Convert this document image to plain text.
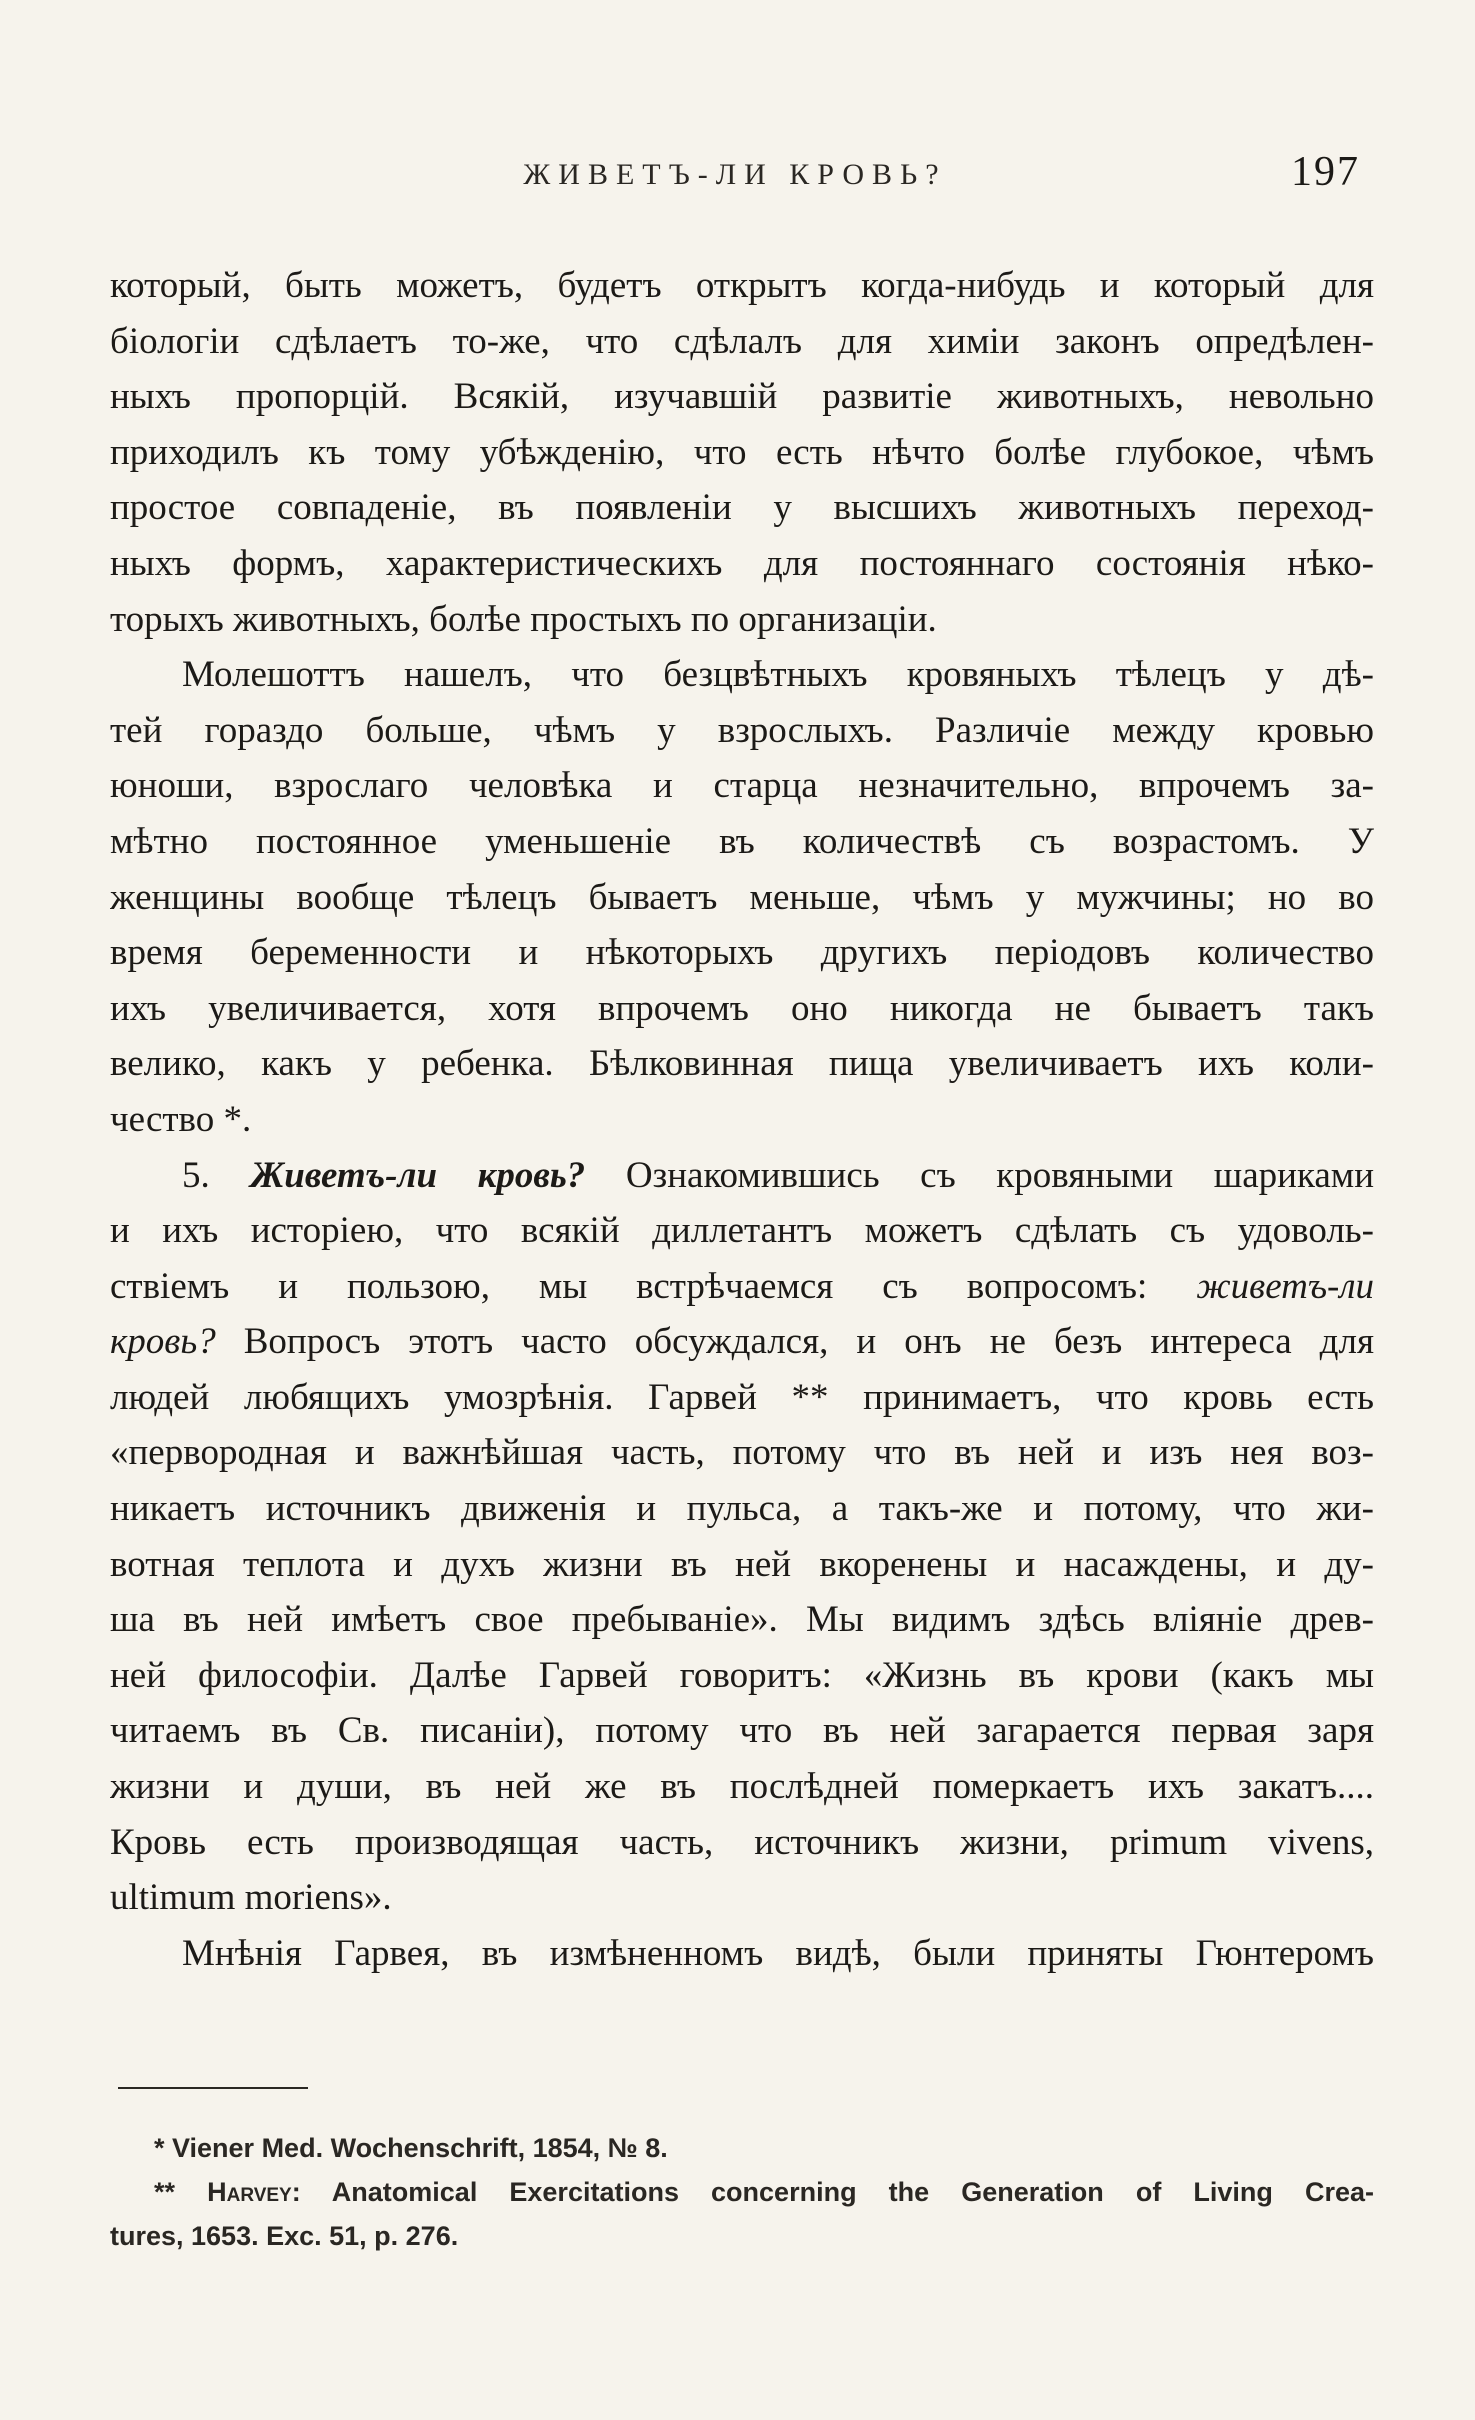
ЖИВЕТЪ-ЛИ КРОВЬ?	197
который, быть можетъ, будетъ открытъ когда-нибудь и который для
біологіи сдѣлаетъ то-же, что сдѣлалъ для химіи законъ опредѣлен-
ныхъ пропорцій. Всякій, изучавшій развитіе животныхъ, невольно
приходилъ къ тому убѣжденію, что есть нѣчто болѣе глубокое, чѣмъ
простое совпаденіе, въ появленіи у высшихъ животныхъ переход-
ныхъ формъ, характеристическихъ для постояннаго состоянія нѣко-
торыхъ животныхъ, болѣе простыхъ по организаціи.
Молешоттъ нашелъ, что безцвѣтныхъ кровяныхъ тѣлецъ у дѣ-
тей гораздо больше, чѣмъ у взрослыхъ. Различіе между кровью
юноши, взрослаго человѣка и старца незначительно, впрочемъ за-
мѣтно постоянное уменьшеніе въ количествѣ съ возрастомъ. У
женщины вообще тѣлецъ бываетъ меньше, чѣмъ у мужчины; но во
время беременности и нѣкоторыхъ другихъ періодовъ количество
ихъ увеличивается, хотя впрочемъ оно никогда не бываетъ такъ
велико, какъ у ребенка. Бѣлковинная пища увеличиваетъ ихъ коли-
чество *.
5. Живетъ-ли кровь? Ознакомившись съ кровяными шариками
и ихъ исторіею, что всякій диллетантъ можетъ сдѣлать съ удоволь-
ствіемъ и пользою, мы встрѣчаемся съ вопросомъ: живетъ-ли
кровь? Вопросъ этотъ часто обсуждался, и онъ не безъ интереса для
людей любящихъ умозрѣнія. Гарвей ** принимаетъ, что кровь есть
«первородная и важнѣйшая часть, потому что въ ней и изъ нея воз-
никаетъ источникъ движенія и пульса, а такъ-же и потому, что жи-
вотная теплота и духъ жизни въ ней вкоренены и насаждены, и ду-
ша въ ней имѣетъ свое пребываніе». Мы видимъ здѣсь вліяніе древ-
ней философіи. Далѣе Гарвей говоритъ: «Жизнь въ крови (какъ мы
читаемъ въ Св. писаніи), потому что въ ней загарается первая заря
жизни и души, въ ней же въ послѣдней померкаетъ ихъ закатъ....
Кровь есть производящая часть, источникъ жизни, primum vivens,
ultimum moriens».
Мнѣнія Гарвея, въ измѣненномъ видѣ, были приняты Гюнтеромъ
* Viener Med. Wochenschrift, 1854, № 8.
** Harvey: Anatomical Exercitations concerning the Generation of Living Crea-
tures, 1653. Exc. 51, p. 276.
